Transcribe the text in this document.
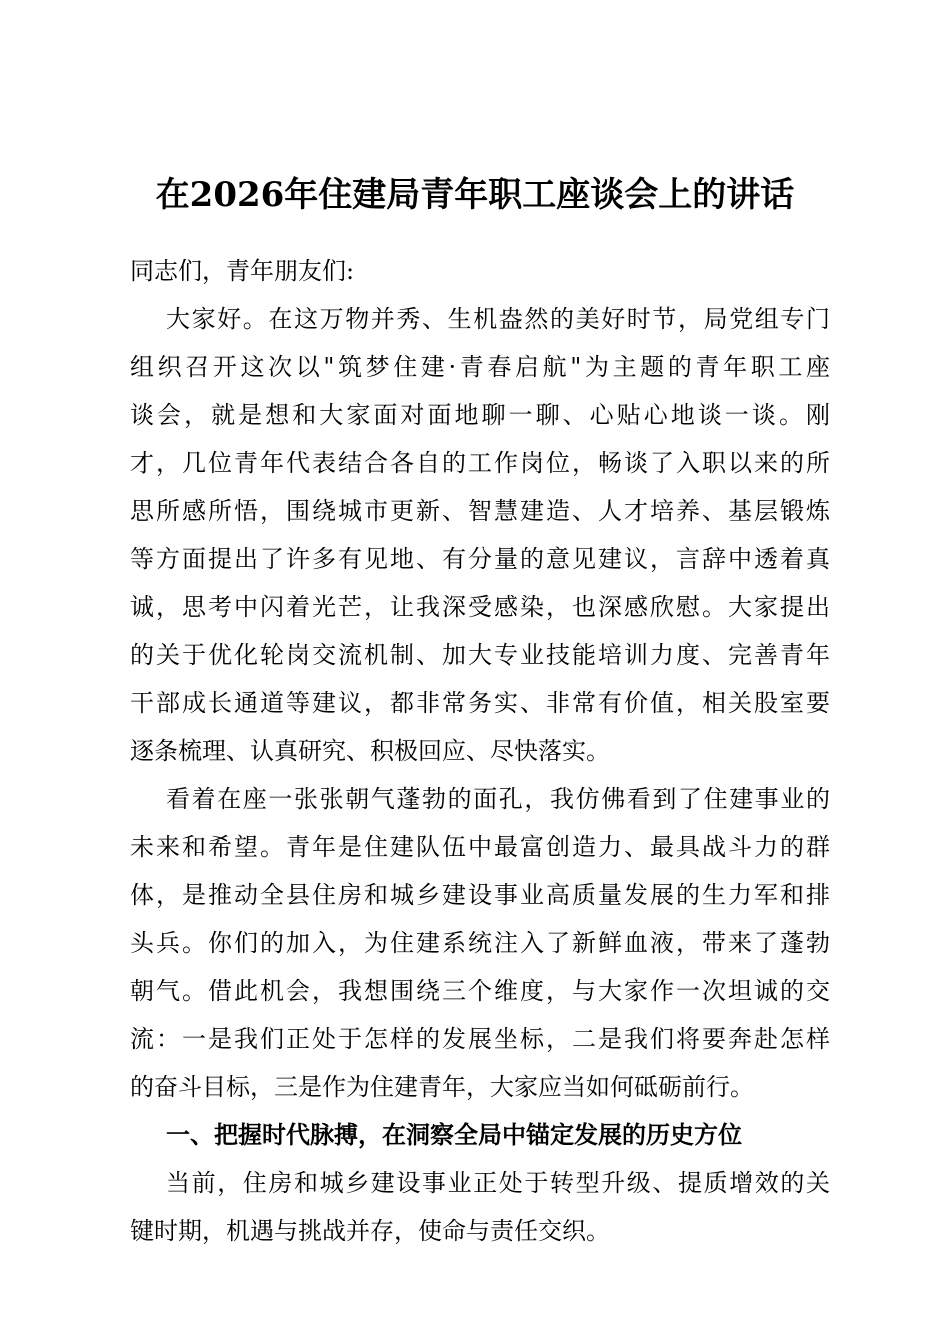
在2026年住建局青年职工座谈会上的讲话
同志们，青年朋友们:
大家好。在这万物并秀、生机盎然的美好时节，局党组专门
组织召开这次以"筑梦住建·青春启航"为主题的青年职工座
谈会，就是想和大家面对面地聊一聊、心贴心地谈一谈。刚
才，几位青年代表结合各自的工作岗位，畅谈了入职以来的所
思所感所悟，围绕城市更新、智慧建造、人才培养、基层锻炼
等方面提出了许多有见地、有分量的意见建议，言辞中透着真
诚，思考中闪着光芒，让我深受感染，也深感欣慰。大家提出
的关于优化轮岗交流机制、加大专业技能培训力度、完善青年
干部成长通道等建议，都非常务实、非常有价值，相关股室要
逐条梳理、认真研究、积极回应、尽快落实。
看着在座一张张朝气蓬勃的面孔，我仿佛看到了住建事业的
未来和希望。青年是住建队伍中最富创造力、最具战斗力的群
体，是推动全县住房和城乡建设事业高质量发展的生力军和排
头兵。你们的加入，为住建系统注入了新鲜血液，带来了蓬勃
朝气。借此机会，我想围绕三个维度，与大家作一次坦诚的交
流：一是我们正处于怎样的发展坐标，二是我们将要奔赴怎样
的奋斗目标，三是作为住建青年，大家应当如何砥砺前行。
一、把握时代脉搏，在洞察全局中锚定发展的历史方位
当前，住房和城乡建设事业正处于转型升级、提质增效的关
键时期，机遇与挑战并存，使命与责任交织。
